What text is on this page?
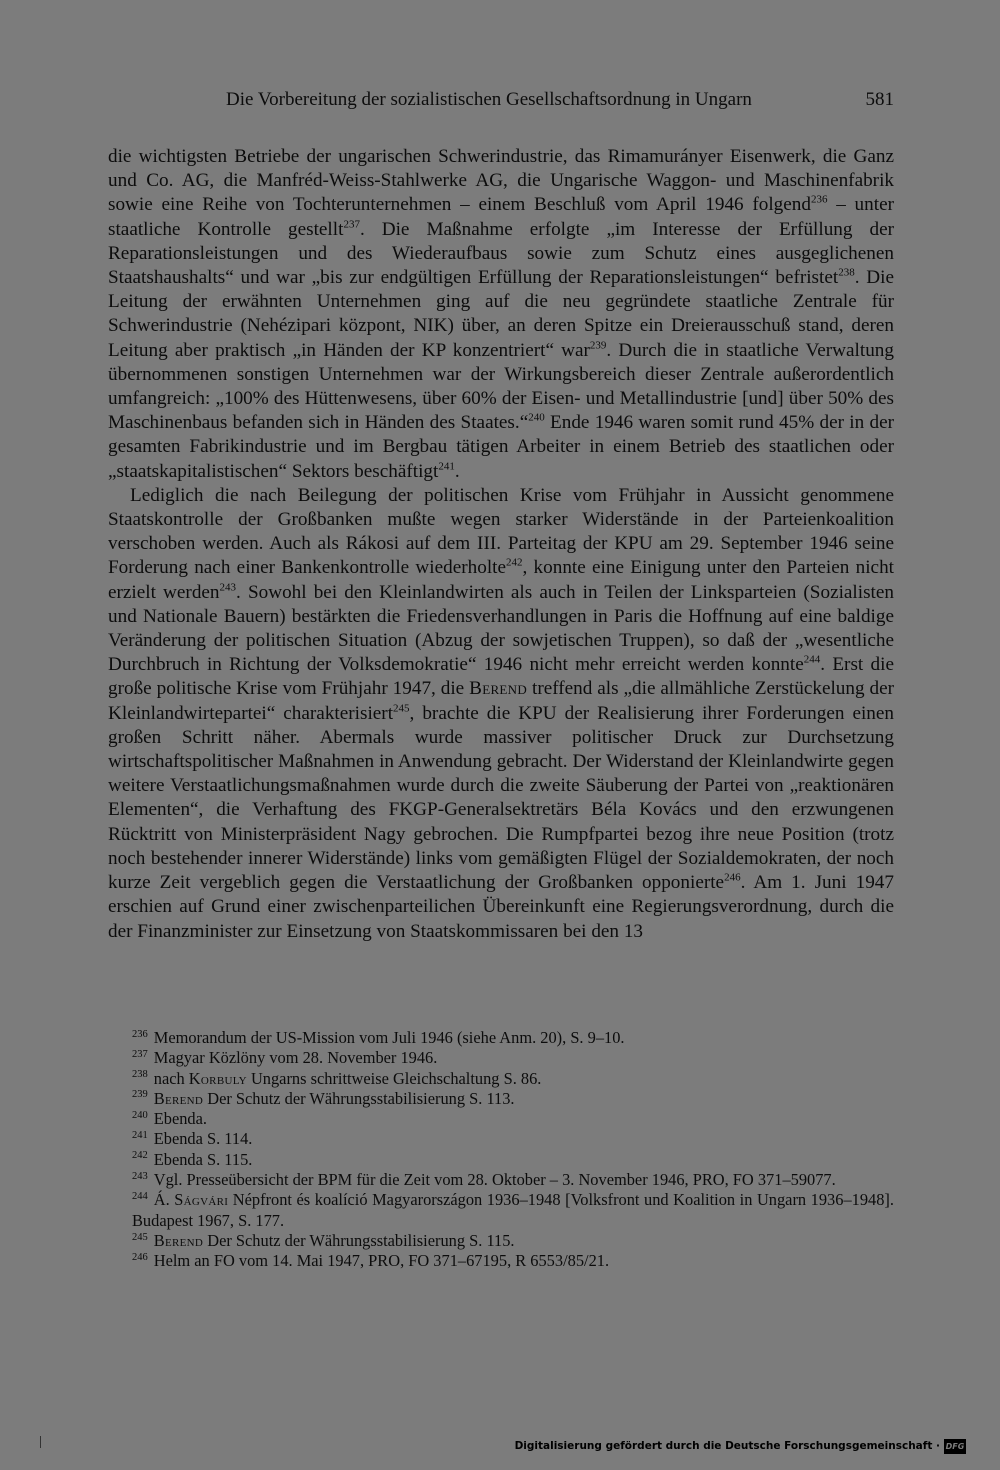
Die Vorbereitung der sozialistischen Gesellschaftsordnung in Ungarn	581

die wichtigsten Betriebe der ungarischen Schwerindustrie, das Rimamurányer Eisenwerk, die Ganz und Co. AG, die Manfréd-Weiss-Stahlwerke AG, die Ungarische Waggon- und Maschinenfabrik sowie eine Reihe von Tochterunternehmen – einem Beschluß vom April 1946 folgend$^{236}$ – unter staatliche Kontrolle gestellt$^{237}$. Die Maßnahme erfolgte „im Interesse der Erfüllung der Reparationsleistungen und des Wiederaufbaus sowie zum Schutz eines ausgeglichenen Staatshaushalts“ und war „bis zur endgültigen Erfüllung der Reparationsleistungen“ befristet$^{238}$. Die Leitung der erwähnten Unternehmen ging auf die neu gegründete staatliche Zentrale für Schwerindustrie (Nehézipari központ, NIK) über, an deren Spitze ein Dreierausschuß stand, deren Leitung aber praktisch „in Händen der KP konzentriert“ war$^{239}$. Durch die in staatliche Verwaltung übernommenen sonstigen Unternehmen war der Wirkungsbereich dieser Zentrale außerordentlich umfangreich: „100% des Hüttenwesens, über 60% der Eisen- und Metallindustrie [und] über 50% des Maschinenbaus befanden sich in Händen des Staates.“$^{240}$ Ende 1946 waren somit rund 45% der in der gesamten Fabrikindustrie und im Bergbau tätigen Arbeiter in einem Betrieb des staatlichen oder „staatskapitalistischen“ Sektors beschäftigt$^{241}$.

Lediglich die nach Beilegung der politischen Krise vom Frühjahr in Aussicht genommene Staatskontrolle der Großbanken mußte wegen starker Widerstände in der Parteienkoalition verschoben werden. Auch als Rákosi auf dem III. Parteitag der KPU am 29. September 1946 seine Forderung nach einer Bankenkontrolle wiederholte$^{242}$, konnte eine Einigung unter den Parteien nicht erzielt werden$^{243}$. Sowohl bei den Kleinlandwirten als auch in Teilen der Linksparteien (Sozialisten und Nationale Bauern) bestärkten die Friedensverhandlungen in Paris die Hoffnung auf eine baldige Veränderung der politischen Situation (Abzug der sowjetischen Truppen), so daß der „wesentliche Durchbruch in Richtung der Volksdemokratie“ 1946 nicht mehr erreicht werden konnte$^{244}$. Erst die große politische Krise vom Frühjahr 1947, die Berend treffend als „die allmähliche Zerstückelung der Kleinlandwirtepartei“ charakterisiert$^{245}$, brachte die KPU der Realisierung ihrer Forderungen einen großen Schritt näher. Abermals wurde massiver politischer Druck zur Durchsetzung wirtschaftspolitischer Maßnahmen in Anwendung gebracht. Der Widerstand der Kleinlandwirte gegen weitere Verstaatlichungsmaßnahmen wurde durch die zweite Säuberung der Partei von „reaktionären Elementen“, die Verhaftung des FKGP-Generalsektretärs Béla Kovács und den erzwungenen Rücktritt von Ministerpräsident Nagy gebrochen. Die Rumpfpartei bezog ihre neue Position (trotz noch bestehender innerer Widerstände) links vom gemäßigten Flügel der Sozialdemokraten, der noch kurze Zeit vergeblich gegen die Verstaatlichung der Großbanken opponierte$^{246}$. Am 1. Juni 1947 erschien auf Grund einer zwischenparteilichen Übereinkunft eine Regierungsverordnung, durch die der Finanzminister zur Einsetzung von Staatskommissaren bei den 13

$^{236}$ Memorandum der US-Mission vom Juli 1946 (siehe Anm. 20), S. 9–10.

$^{237}$ Magyar Közlöny vom 28. November 1946.

$^{238}$ nach Korbuly Ungarns schrittweise Gleichschaltung S. 86.

$^{239}$ Berend Der Schutz der Währungsstabilisierung S. 113.

$^{240}$ Ebenda.

$^{241}$ Ebenda S. 114.

$^{242}$ Ebenda S. 115.

$^{243}$ Vgl. Presseübersicht der BPM für die Zeit vom 28. Oktober – 3. November 1946, PRO, FO 371–59077.

$^{244}$ Á. Ságvári Népfront és koalíció Magyarországon 1936–1948 [Volksfront und Koalition in Ungarn 1936–1948]. Budapest 1967, S. 177.

$^{245}$ Berend Der Schutz der Währungsstabilisierung S. 115.

$^{246}$ Helm an FO vom 14. Mai 1947, PRO, FO 371–67195, R 6553/85/21.

Digitalisierung gefördert durch die Deutsche Forschungsgemeinschaft · DFG
